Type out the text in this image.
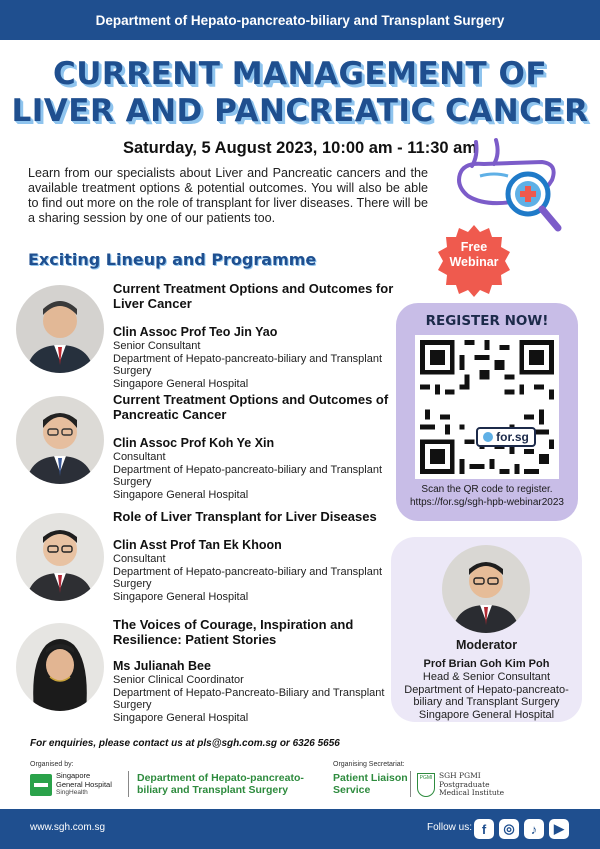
Department of Hepato-pancreato-biliary and Transplant Surgery
CURRENT MANAGEMENT OF
LIVER AND PANCREATIC CANCER
Saturday, 5 August 2023, 10:00 am - 11:30 am
Learn from our specialists about Liver and Pancreatic cancers and the available treatment options & potential outcomes. You will also be able to find out more on the role of transplant for liver diseases. There will be a sharing session by one of our patients too.
Free
Webinar
Exciting Lineup and Programme
Current Treatment Options and Outcomes for Liver Cancer
Clin Assoc Prof Teo Jin Yao
Senior Consultant
Department of Hepato-pancreato-biliary and Transplant Surgery
Singapore General Hospital
Current Treatment Options and Outcomes of Pancreatic Cancer
Clin Assoc Prof Koh Ye Xin
Consultant
Department of Hepato-pancreato-biliary and Transplant Surgery
Singapore General Hospital
Role of Liver Transplant for Liver Diseases
Clin Asst Prof Tan Ek Khoon
Consultant
Department of Hepato-pancreato-biliary and Transplant Surgery
Singapore General Hospital
The Voices of Courage, Inspiration and Resilience: Patient Stories
Ms Julianah Bee
Senior Clinical Coordinator
Department of Hepato-Pancreato-Biliary and Transplant Surgery
Singapore General Hospital
REGISTER NOW!
for.sg
Scan the QR code to register.
https://for.sg/sgh-hpb-webinar2023
Moderator
Prof Brian Goh Kim Poh
Head & Senior Consultant
Department of Hepato-pancreato-biliary and Transplant Surgery
Singapore General Hospital
For enquiries, please contact us at pls@sgh.com.sg or 6326 5656
Organised by:
Singapore
General Hospital
SingHealth
Department of Hepato-pancreato-
biliary and Transplant Surgery
Organising Secretariat:
Patient Liaison
Service
PGMI SGH PGMI
Postgraduate
Medical Institute
www.sgh.com.sg	Follow us: f	◎	♪	▶
